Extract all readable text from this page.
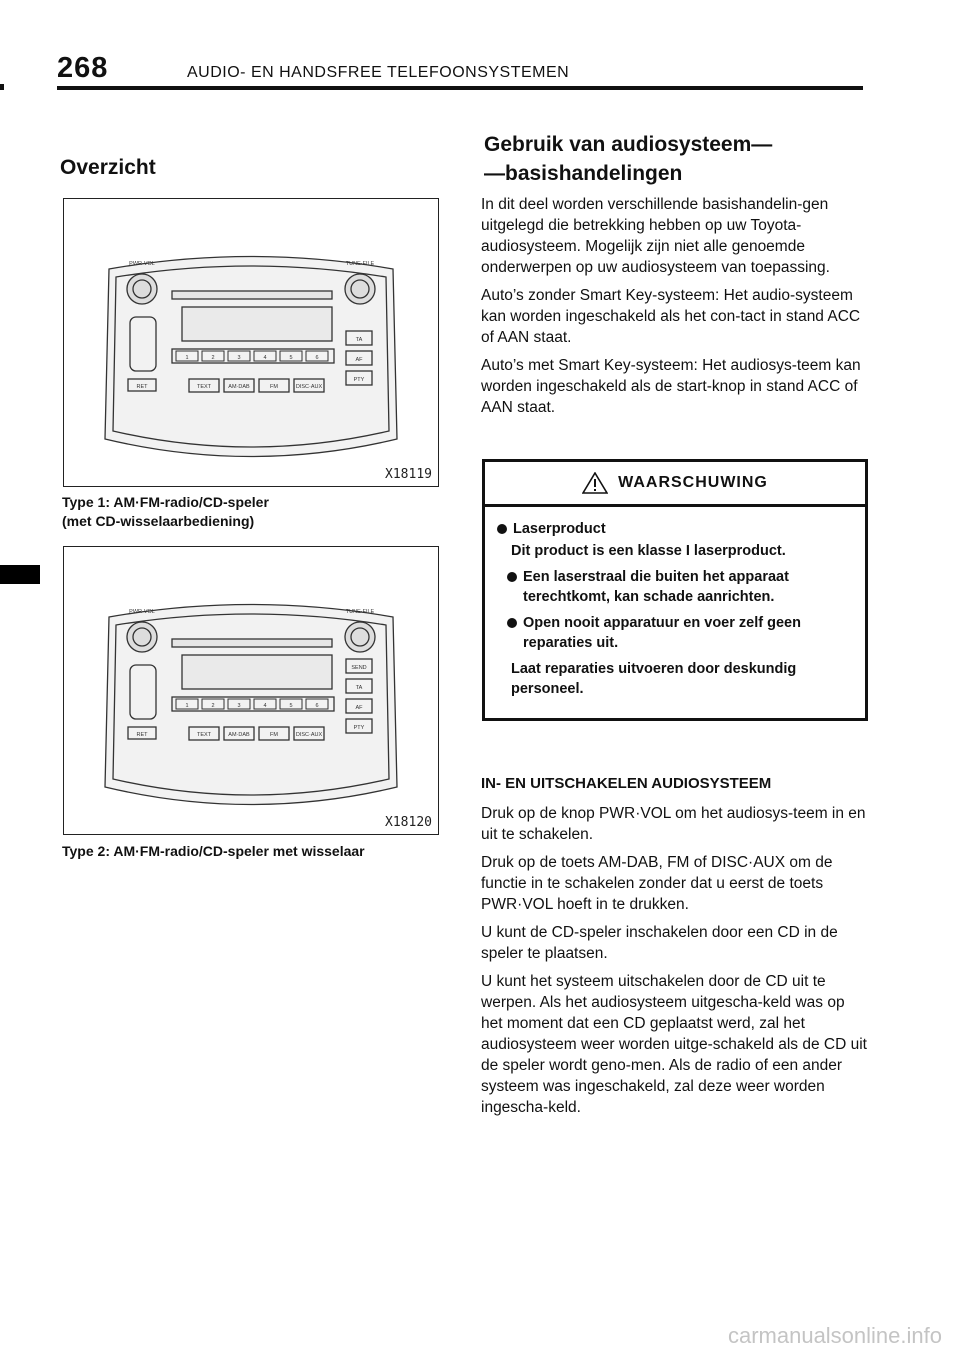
268	AUDIO- EN HANDSFREE TELEFOONSYSTEMEN
Overzicht
PWR·VOL	TUNE·FILE
1	2	3	4	5	6
TA
AF
PTY
TEXT	AM·DAB	FM	DISC·AUX
RET
X18119
Type 1: AM·FM-radio/CD-speler
(met CD-wisselaarbediening)
PWR·VOL	TUNE·FILE
1	2	3	4	5	6
SEND
TA
AF
PTY
TEXT	AM·DAB	FM	DISC·AUX
RET
X18120
Type 2: AM·FM-radio/CD-speler met wisselaar
Gebruik van audiosysteem—
—basishandelingen

In dit deel worden verschillende basishandelin-gen uitgelegd die betrekking hebben op uw Toyota-audiosysteem. Mogelijk zijn niet alle genoemde onderwerpen op uw audiosysteem van toepassing.

Auto’s zonder Smart Key-systeem: Het audio-systeem kan worden ingeschakeld als het con-tact in stand ACC of AAN staat.

Auto’s met Smart Key-systeem: Het audiosys-teem kan worden ingeschakeld als de start-knop in stand ACC of AAN staat.

WAARSCHUWING
Laserproduct
Dit product is een klasse I laserproduct.
Een laserstraal die buiten het apparaat terechtkomt, kan schade aanrichten.
Open nooit apparatuur en voer zelf geen reparaties uit.
Laat reparaties uitvoeren door deskundig personeel.
IN- EN UITSCHAKELEN AUDIOSYSTEEM

Druk op de knop PWR·VOL om het audiosys-teem in en uit te schakelen.

Druk op de toets AM-DAB, FM of DISC·AUX om de functie in te schakelen zonder dat u eerst de toets PWR·VOL hoeft in te drukken.

U kunt de CD-speler inschakelen door een CD in de speler te plaatsen.

U kunt het systeem uitschakelen door de CD uit te werpen. Als het audiosysteem uitgescha-keld was op het moment dat een CD geplaatst werd, zal het audiosysteem weer worden uitge-schakeld als de CD uit de speler wordt geno-men. Als de radio of een ander systeem was ingeschakeld, zal deze weer worden ingescha-keld.

carmanualsonline.info
